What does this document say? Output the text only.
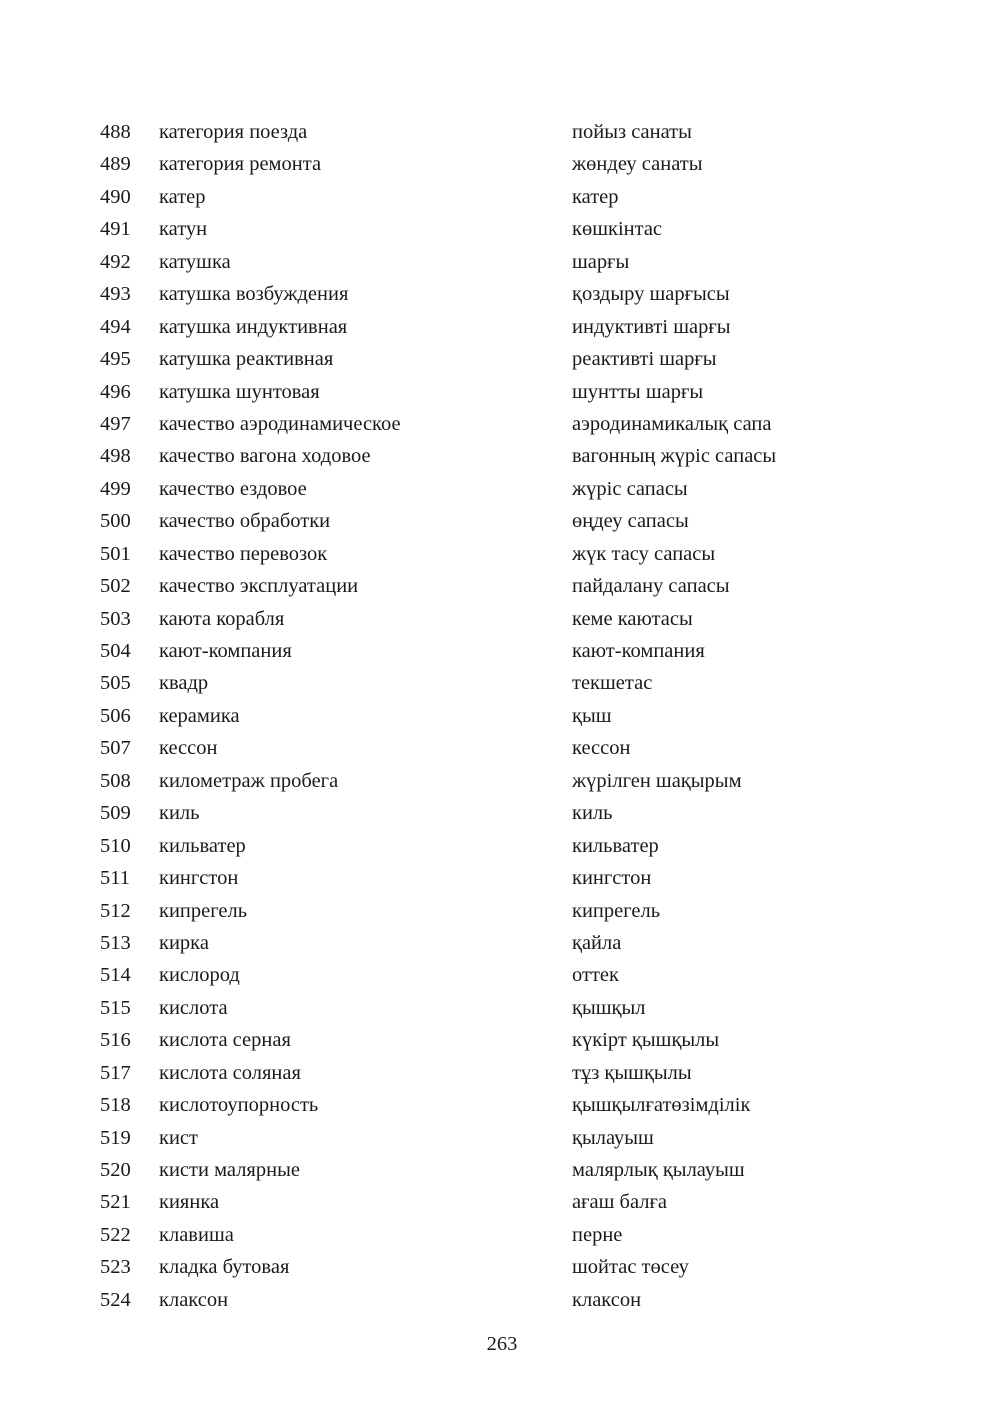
488 категория поезда	пойыз санаты
489 категория ремонта	жөндеу санаты
490 катер	катер
491 катун	көшкінтас
492 катушка	шарғы
493 катушка возбуждения	қоздыру шарғысы
494 катушка индуктивная	индуктивті шарғы
495 катушка реактивная	реактивті шарғы
496 катушка шунтовая	шунтты шарғы
497 качество аэродинамическое	аэродинамикалық сапа
498 качество вагона ходовое	вагонның жүріс сапасы
499 качество ездовое	жүріс сапасы
500 качество обработки	өңдеу сапасы
501 качество перевозок	жүк тасу сапасы
502 качество эксплуатации	пайдалану сапасы
503 каюта корабля	кеме каютасы
504 кают-компания	кают-компания
505 квадр	текшетас
506 керамика	қыш
507 кессон	кессон
508 километраж пробега	жүрілген шақырым
509 киль	киль
510 кильватер	кильватер
511 кингстон	кингстон
512 кипрегель	кипрегель
513 кирка	қайла
514 кислород	оттек
515 кислота	қышқыл
516 кислота серная	күкірт қышқылы
517 кислота соляная	тұз қышқылы
518 кислотоупорность	қышқылғатөзімділік
519 кист	қылауыш
520 кисти малярные	малярлық қылауыш
521 киянка	ағаш балға
522 клавиша	перне
523 кладка бутовая	шойтас төсеу
524 клаксон	клаксон
263
